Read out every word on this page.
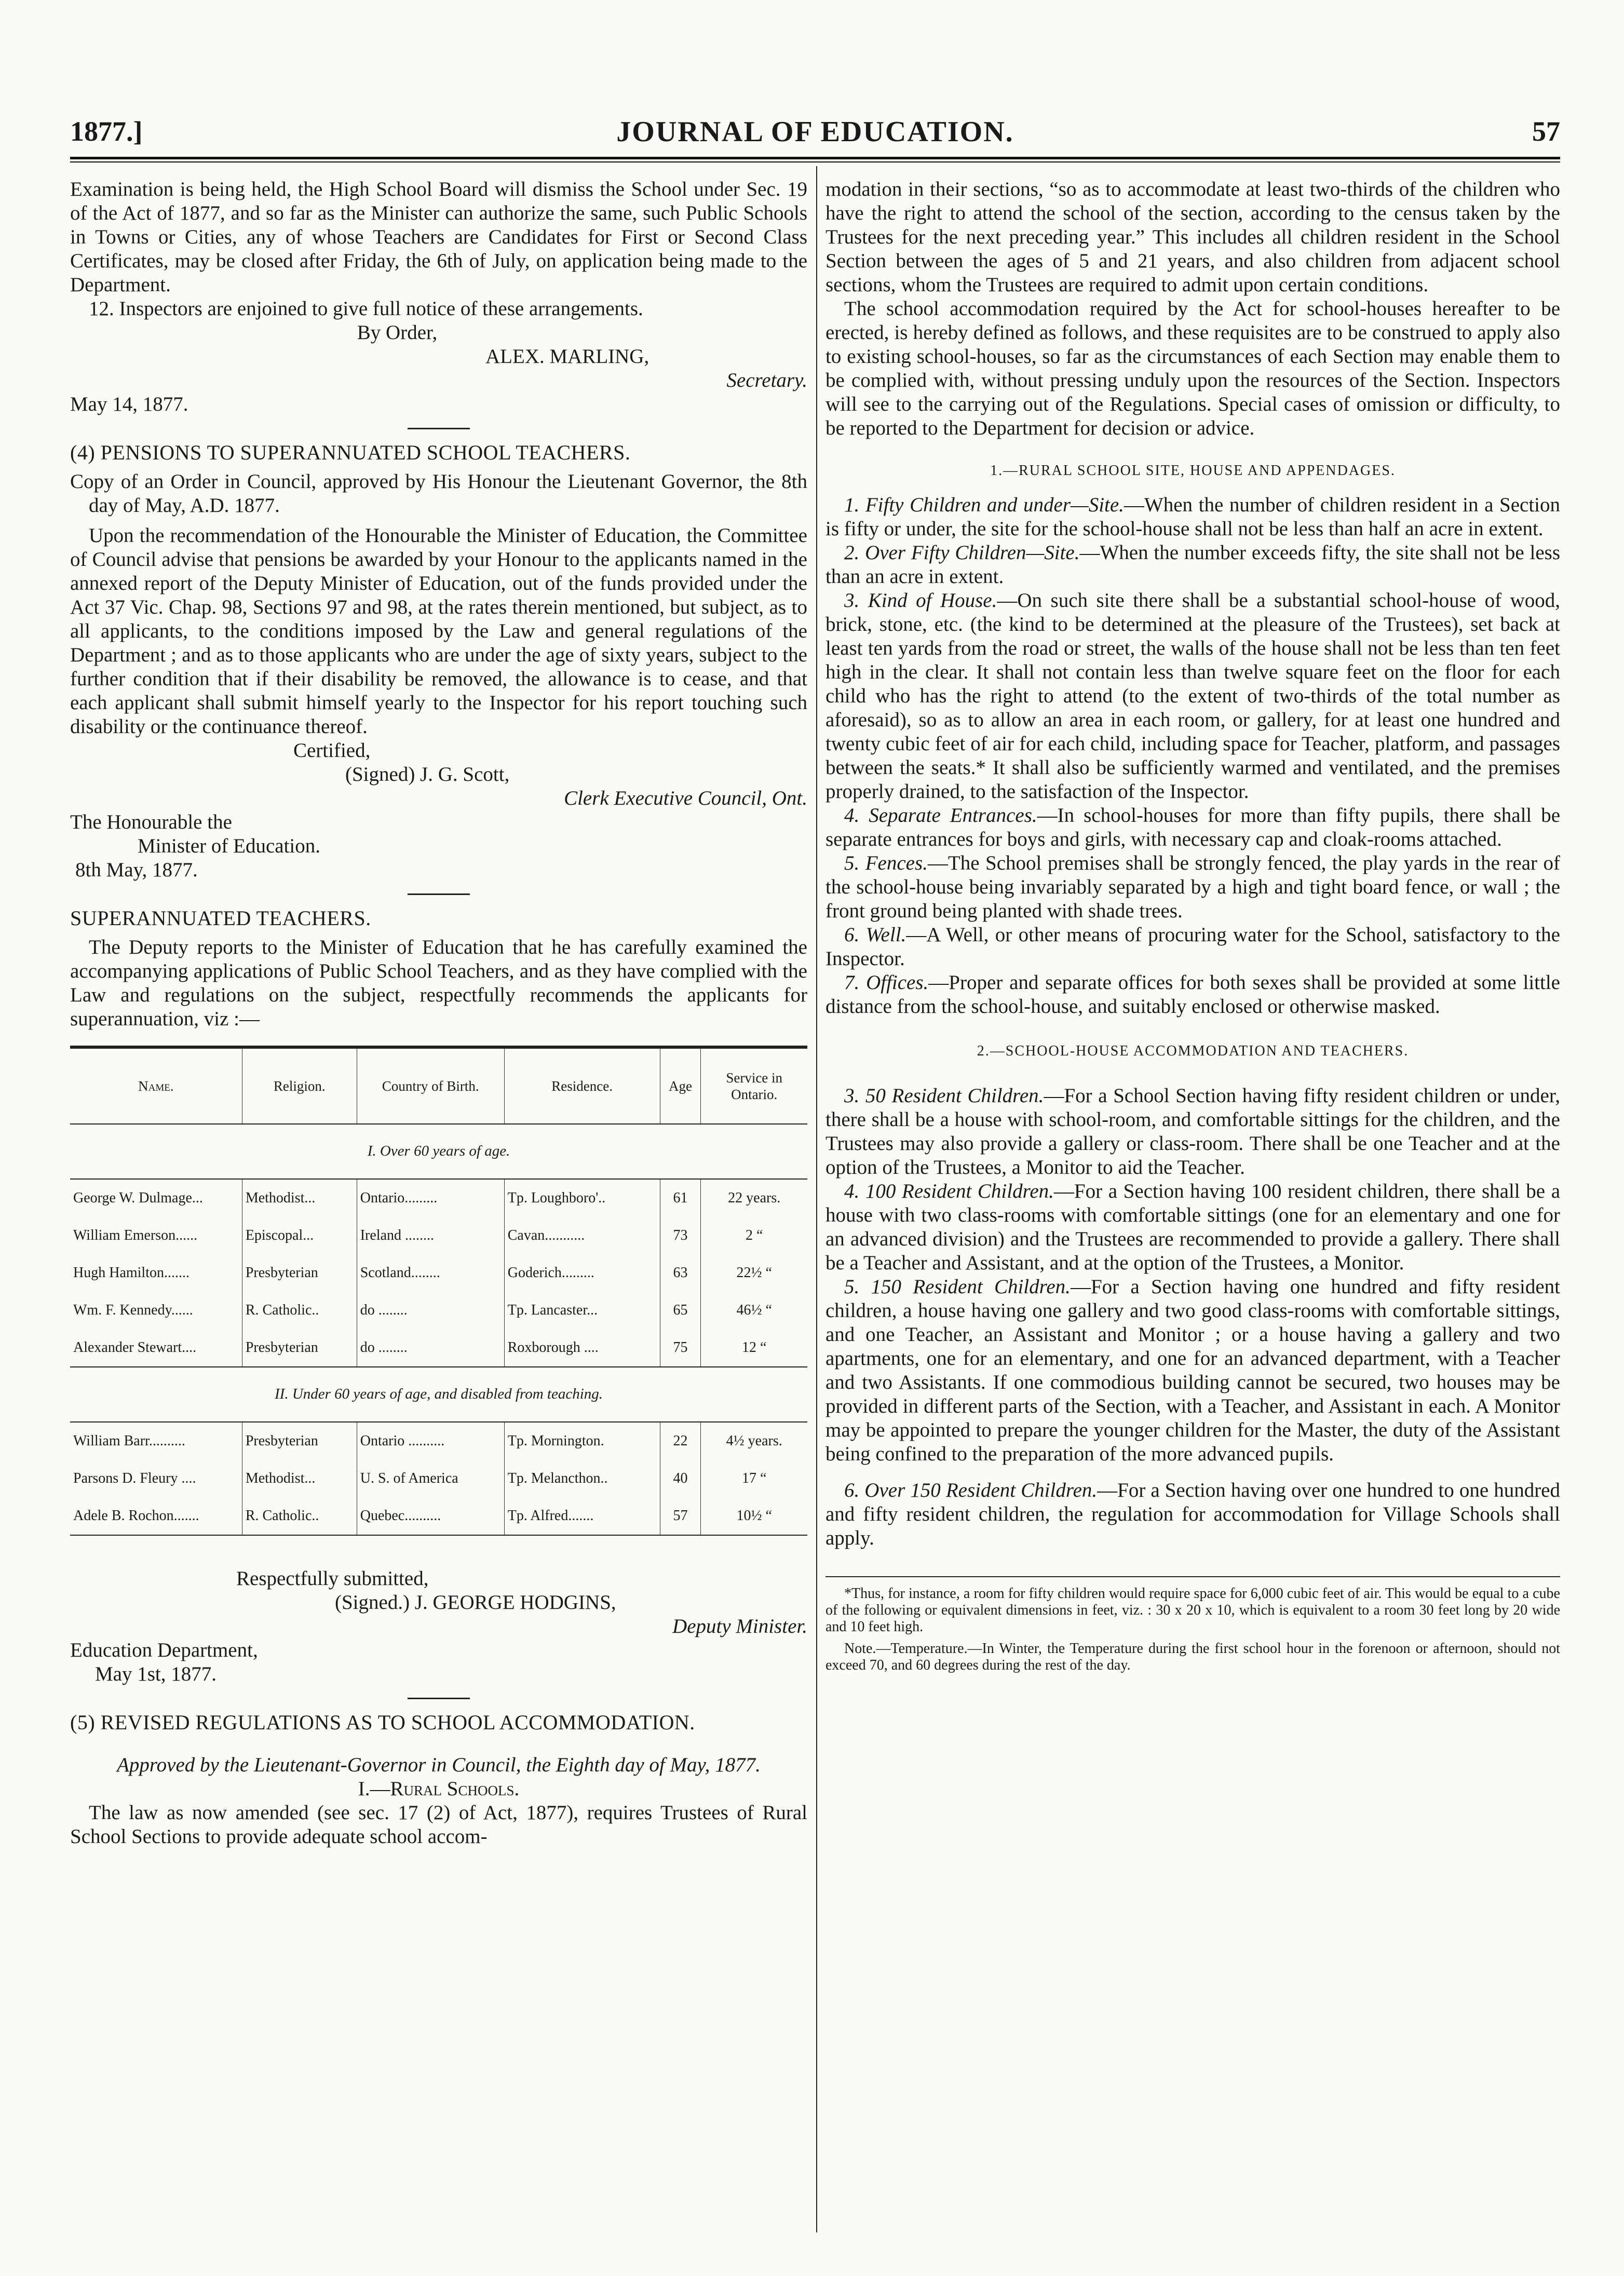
1877.]	JOURNAL OF EDUCATION.	57

Examination is being held, the High School Board will dismiss the School under Sec. 19 of the Act of 1877, and so far as the Minister can authorize the same, such Public Schools in Towns or Cities, any of whose Teachers are Candidates for First or Second Class Certificates, may be closed after Friday, the 6th of July, on application being made to the Department.

12. Inspectors are enjoined to give full notice of these arrangements.

By Order,

ALEX. MARLING,

Secretary.

May 14, 1877.

(4) PENSIONS TO SUPERANNUATED SCHOOL TEACHERS.

Copy of an Order in Council, approved by His Honour the Lieutenant Governor, the 8th day of May, A.D. 1877.

Upon the recommendation of the Honourable the Minister of Education, the Committee of Council advise that pensions be awarded by your Honour to the applicants named in the annexed report of the Deputy Minister of Education, out of the funds provided under the Act 37 Vic. Chap. 98, Sections 97 and 98, at the rates therein mentioned, but subject, as to all applicants, to the conditions imposed by the Law and general regulations of the Department ; and as to those applicants who are under the age of sixty years, subject to the further condition that if their disability be removed, the allowance is to cease, and that each applicant shall submit himself yearly to the Inspector for his report touching such disability or the continuance thereof.

Certified,

(Signed) J. G. Scott,

Clerk Executive Council, Ont.

The Honourable the

Minister of Education.

8th May, 1877.

SUPERANNUATED TEACHERS.

The Deputy reports to the Minister of Education that he has carefully examined the accompanying applications of Public School Teachers, and as they have complied with the Law and regulations on the subject, respectfully recommends the applicants for superannuation, viz :—

Name.	Religion.	Country of Birth.	Residence.	Age	Service in Ontario.
I. Over 60 years of age.					
George W. Dulmage...	Methodist...	Ontario.........	Tp. Loughboro'..	61	22 years.
William Emerson......	Episcopal...	Ireland ........	Cavan...........	73	2 “
Hugh Hamilton.......	Presbyterian	Scotland........	Goderich.........	63	22½ “
Wm. F. Kennedy......	R. Catholic..	do ........	Tp. Lancaster...	65	46½ “
Alexander Stewart....	Presbyterian	do ........	Roxborough ....	75	12 “
II. Under 60 years of age, and disabled from teaching.					
William Barr..........	Presbyterian	Ontario ..........	Tp. Mornington.	22	4½ years.
Parsons D. Fleury ....	Methodist...	U. S. of America	Tp. Melancthon..	40	17 “
Adele B. Rochon.......	R. Catholic..	Quebec..........	Tp. Alfred.......	57	10½ “

Respectfully submitted,

(Signed.) J. GEORGE HODGINS,

Deputy Minister.

Education Department,

May 1st, 1877.

(5) REVISED REGULATIONS AS TO SCHOOL ACCOMMODATION.

Approved by the Lieutenant-Governor in Council, the Eighth day of May, 1877.

I.—Rural Schools.

The law as now amended (see sec. 17 (2) of Act, 1877), requires Trustees of Rural School Sections to provide adequate school accom-

modation in their sections, “so as to accommodate at least two-thirds of the children who have the right to attend the school of the section, according to the census taken by the Trustees for the next preceding year.” This includes all children resident in the School Section between the ages of 5 and 21 years, and also children from adjacent school sections, whom the Trustees are required to admit upon certain conditions.

The school accommodation required by the Act for school-houses hereafter to be erected, is hereby defined as follows, and these requisites are to be construed to apply also to existing school-houses, so far as the circumstances of each Section may enable them to be complied with, without pressing unduly upon the resources of the Section. Inspectors will see to the carrying out of the Regulations. Special cases of omission or difficulty, to be reported to the Department for decision or advice.

1.—RURAL SCHOOL SITE, HOUSE AND APPENDAGES.

1. Fifty Children and under—Site.—When the number of children resident in a Section is fifty or under, the site for the school-house shall not be less than half an acre in extent.

2. Over Fifty Children—Site.—When the number exceeds fifty, the site shall not be less than an acre in extent.

3. Kind of House.—On such site there shall be a substantial school-house of wood, brick, stone, etc. (the kind to be determined at the pleasure of the Trustees), set back at least ten yards from the road or street, the walls of the house shall not be less than ten feet high in the clear. It shall not contain less than twelve square feet on the floor for each child who has the right to attend (to the extent of two-thirds of the total number as aforesaid), so as to allow an area in each room, or gallery, for at least one hundred and twenty cubic feet of air for each child, including space for Teacher, platform, and passages between the seats.* It shall also be sufficiently warmed and ventilated, and the premises properly drained, to the satisfaction of the Inspector.

4. Separate Entrances.—In school-houses for more than fifty pupils, there shall be separate entrances for boys and girls, with necessary cap and cloak-rooms attached.

5. Fences.—The School premises shall be strongly fenced, the play yards in the rear of the school-house being invariably separated by a high and tight board fence, or wall ; the front ground being planted with shade trees.

6. Well.—A Well, or other means of procuring water for the School, satisfactory to the Inspector.

7. Offices.—Proper and separate offices for both sexes shall be provided at some little distance from the school-house, and suitably enclosed or otherwise masked.

2.—SCHOOL-HOUSE ACCOMMODATION AND TEACHERS.

3. 50 Resident Children.—For a School Section having fifty resident children or under, there shall be a house with school-room, and comfortable sittings for the children, and the Trustees may also provide a gallery or class-room. There shall be one Teacher and at the option of the Trustees, a Monitor to aid the Teacher.

4. 100 Resident Children.—For a Section having 100 resident children, there shall be a house with two class-rooms with comfortable sittings (one for an elementary and one for an advanced division) and the Trustees are recommended to provide a gallery. There shall be a Teacher and Assistant, and at the option of the Trustees, a Monitor.

5. 150 Resident Children.—For a Section having one hundred and fifty resident children, a house having one gallery and two good class-rooms with comfortable sittings, and one Teacher, an Assistant and Monitor ; or a house having a gallery and two apartments, one for an elementary, and one for an advanced department, with a Teacher and two Assistants. If one commodious building cannot be secured, two houses may be provided in different parts of the Section, with a Teacher, and Assistant in each. A Monitor may be appointed to prepare the younger children for the Master, the duty of the Assistant being confined to the preparation of the more advanced pupils.

6. Over 150 Resident Children.—For a Section having over one hundred to one hundred and fifty resident children, the regulation for accommodation for Village Schools shall apply.

*Thus, for instance, a room for fifty children would require space for 6,000 cubic feet of air. This would be equal to a cube of the following or equivalent dimensions in feet, viz. : 30 x 20 x 10, which is equivalent to a room 30 feet long by 20 wide and 10 feet high.

Note.—Temperature.—In Winter, the Temperature during the first school hour in the forenoon or afternoon, should not exceed 70, and 60 degrees during the rest of the day.
